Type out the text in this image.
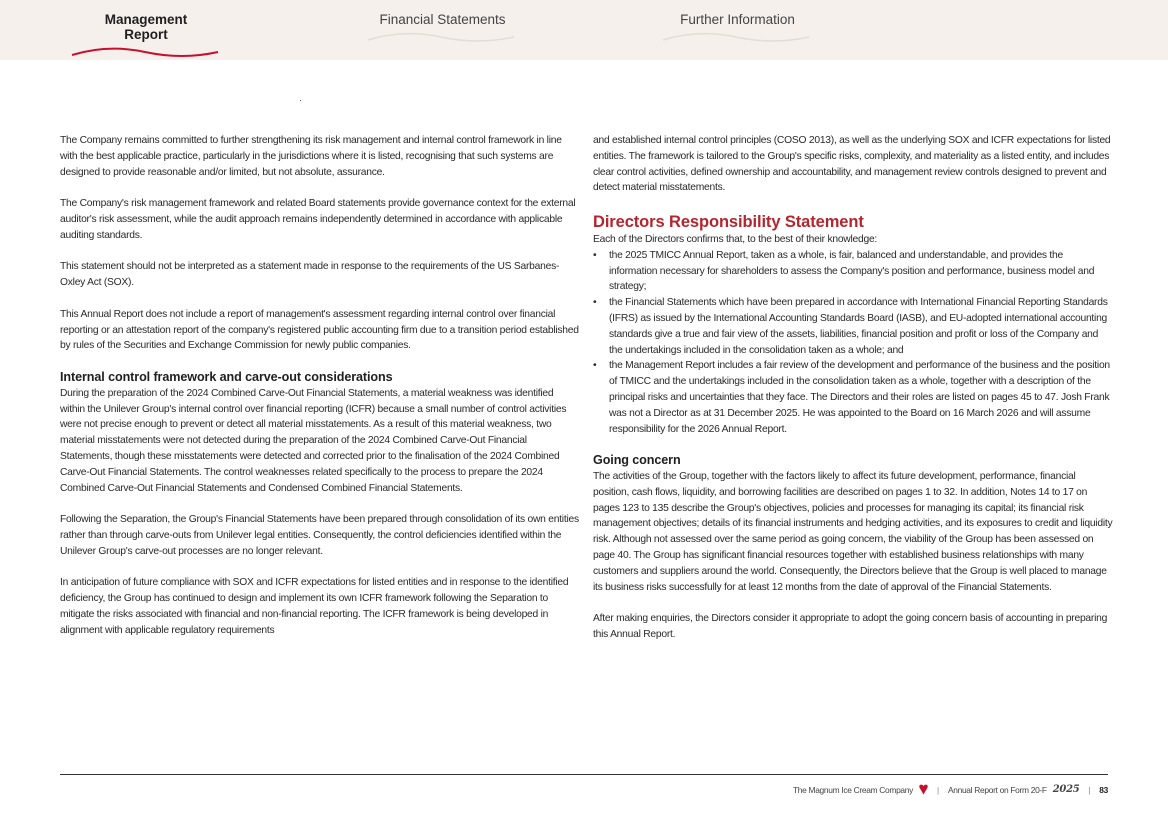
Management Report
Financial Statements	Further Information

The Company remains committed to further strengthening its risk management and internal control framework in line with the best applicable practice, particularly in the jurisdictions where it is listed, recognising that such systems are designed to provide reasonable and/or limited, but not absolute, assurance.

The Company's risk management framework and related Board statements provide governance context for the external auditor's risk assessment, while the audit approach remains independently determined in accordance with applicable auditing standards.

This statement should not be interpreted as a statement made in response to the requirements of the US Sarbanes-Oxley Act (SOX).

This Annual Report does not include a report of management's assessment regarding internal control over financial reporting or an attestation report of the company's registered public accounting firm due to a transition period established by rules of the Securities and Exchange Commission for newly public companies.

Internal control framework and carve-out considerations

During the preparation of the 2024 Combined Carve-Out Financial Statements, a material weakness was identified within the Unilever Group's internal control over financial reporting (ICFR) because a small number of control activities were not precise enough to prevent or detect all material misstatements. As a result of this material weakness, two material misstatements were not detected during the preparation of the 2024 Combined Carve-Out Financial Statements, though these misstatements were detected and corrected prior to the finalisation of the 2024 Combined Carve-Out Financial Statements. The control weaknesses related specifically to the process to prepare the 2024 Combined Carve-Out Financial Statements and Condensed Combined Financial Statements.

Following the Separation, the Group's Financial Statements have been prepared through consolidation of its own entities rather than through carve-outs from Unilever legal entities. Consequently, the control deficiencies identified within the Unilever Group's carve-out processes are no longer relevant.

In anticipation of future compliance with SOX and ICFR expectations for listed entities and in response to the identified deficiency, the Group has continued to design and implement its own ICFR framework following the Separation to mitigate the risks associated with financial and non-financial reporting. The ICFR framework is being developed in alignment with applicable regulatory requirements

and established internal control principles (COSO 2013), as well as the underlying SOX and ICFR expectations for listed entities. The framework is tailored to the Group's specific risks, complexity, and materiality as a listed entity, and includes clear control activities, defined ownership and accountability, and management review controls designed to prevent and detect material misstatements.

Directors Responsibility Statement
Each of the Directors confirms that, to the best of their knowledge:
• the 2025 TMICC Annual Report, taken as a whole, is fair, balanced and understandable, and provides the information necessary for shareholders to assess the Company's position and performance, business model and strategy;
• the Financial Statements which have been prepared in accordance with International Financial Reporting Standards (IFRS) as issued by the International Accounting Standards Board (IASB), and EU-adopted international accounting standards give a true and fair view of the assets, liabilities, financial position and profit or loss of the Company and the undertakings included in the consolidation taken as a whole; and
• the Management Report includes a fair review of the development and performance of the business and the position of TMICC and the undertakings included in the consolidation taken as a whole, together with a description of the principal risks and uncertainties that they face. The Directors and their roles are listed on pages 45 to 47. Josh Frank was not a Director as at 31 December 2025. He was appointed to the Board on 16 March 2026 and will assume responsibility for the 2026 Annual Report.
Going concern

The activities of the Group, together with the factors likely to affect its future development, performance, financial position, cash flows, liquidity, and borrowing facilities are described on pages 1 to 32. In addition, Notes 14 to 17 on pages 123 to 135 describe the Group's objectives, policies and processes for managing its capital; its financial risk management objectives; details of its financial instruments and hedging activities, and its exposures to credit and liquidity risk. Although not assessed over the same period as going concern, the viability of the Group has been assessed on page 40. The Group has significant financial resources together with established business relationships with many customers and suppliers around the world. Consequently, the Directors believe that the Group is well placed to manage its business risks successfully for at least 12 months from the date of approval of the Financial Statements.

After making enquiries, the Directors consider it appropriate to adopt the going concern basis of accounting in preparing this Annual Report.

The Magnum Ice Cream Company	| Annual Report on Form 20-F 2025 | 83
